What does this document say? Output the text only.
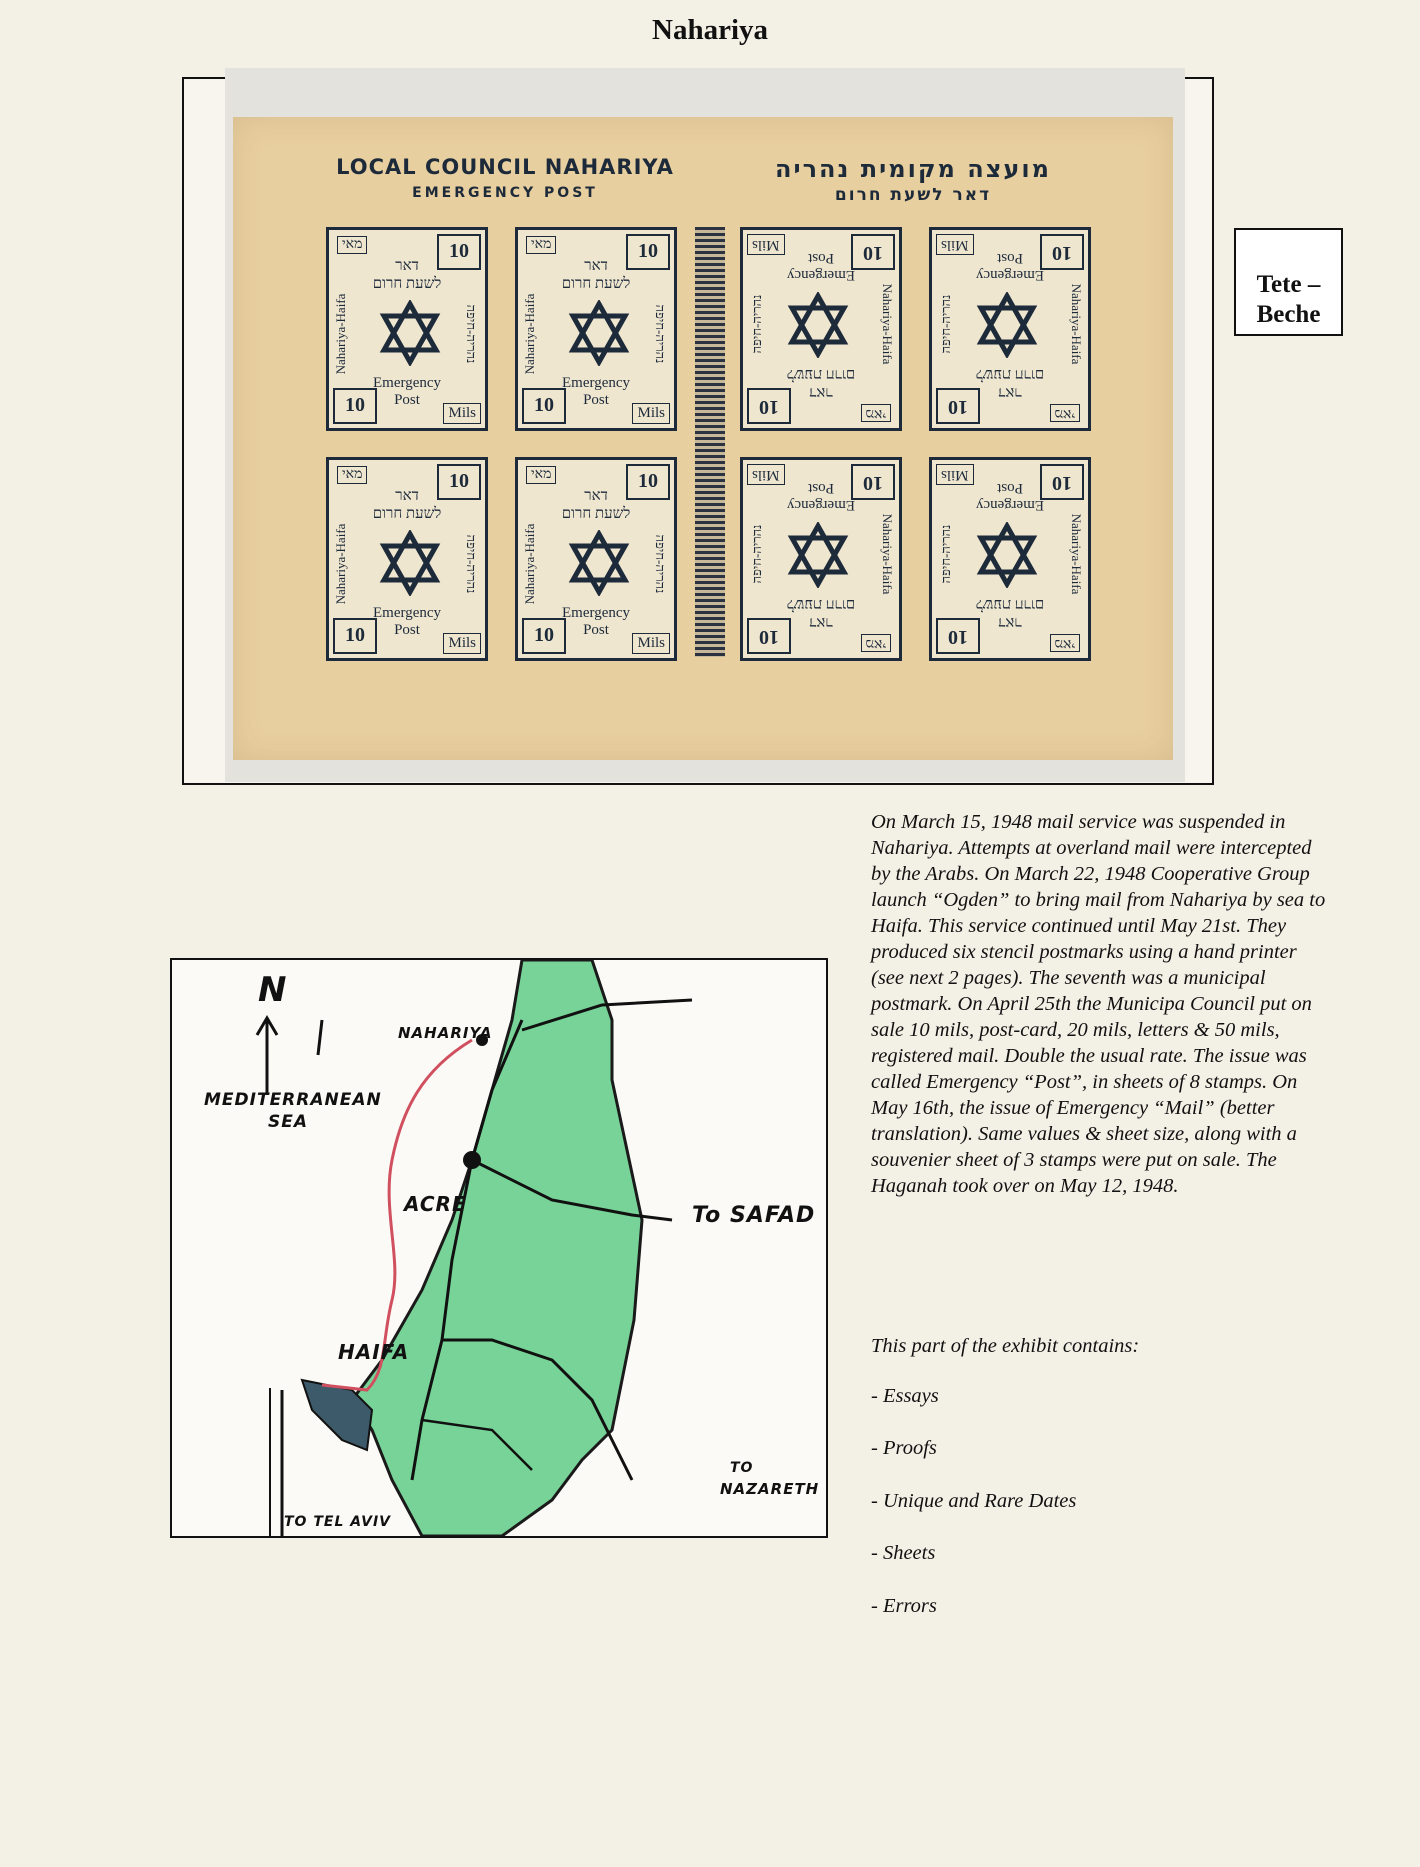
Nahariya
LOCAL COUNCIL NAHARIYA
EMERGENCY POST
מועצה מקומית נהריה
דאר לשעת חרום
10
מאי
דאר
לשעת חרום
Nahariya-Haifa	נהריה-חיפה
Emergency
Post
10	Mils
10
מאי
דאר
לשעת חרום
Nahariya-Haifa	נהריה-חיפה
Emergency
Post
10	Mils	10	מאי
דאר
לשעת חרום
Nahariya-Haifa
נהריה-חיפה
Emergency
Post	10
Mils
10	מאי
דאר
לשעת חרום
Nahariya-Haifa
נהריה-חיפה
Emergency
Post	10
Mils
10
מאי
דאר
לשעת חרום
Nahariya-Haifa	נהריה-חיפה
Emergency
Post
10	Mils
10
מאי
דאר
לשעת חרום
Nahariya-Haifa	נהריה-חיפה
Emergency
Post
10	Mils	10	מאי
דאר
לשעת חרום
Nahariya-Haifa
נהריה-חיפה
Emergency
Post	10
Mils
10	מאי
דאר
לשעת חרום
Nahariya-Haifa
נהריה-חיפה
Emergency
Post	10
Mils
Tete –
Beche
N
MEDITERRANEAN
SEA
NAHARIYA
ACRE	To SAFAD
HAIFA
TO
NAZARETH
TO TEL AVIV
On March 15, 1948 mail service was suspended in Nahariya. Attempts at overland mail were intercepted by the Arabs. On March 22, 1948 Cooperative Group launch “Ogden” to bring mail from Nahariya by sea to Haifa. This service continued until May 21st. They produced six stencil postmarks using a hand printer (see next 2 pages). The seventh was a municipal postmark. On April 25th the Municipa Council put on sale 10 mils, post-card, 20 mils, letters & 50 mils, registered mail. Double the usual rate. The issue was called Emergency “Post”, in sheets of 8 stamps. On May 16th, the issue of Emergency “Mail” (better translation). Same values & sheet size, along with a souvenier sheet of 3 stamps were put on sale. The Haganah took over on May 12, 1948.
This part of the exhibit contains:
- Essays
- Proofs
- Unique and Rare Dates
- Sheets
- Errors
